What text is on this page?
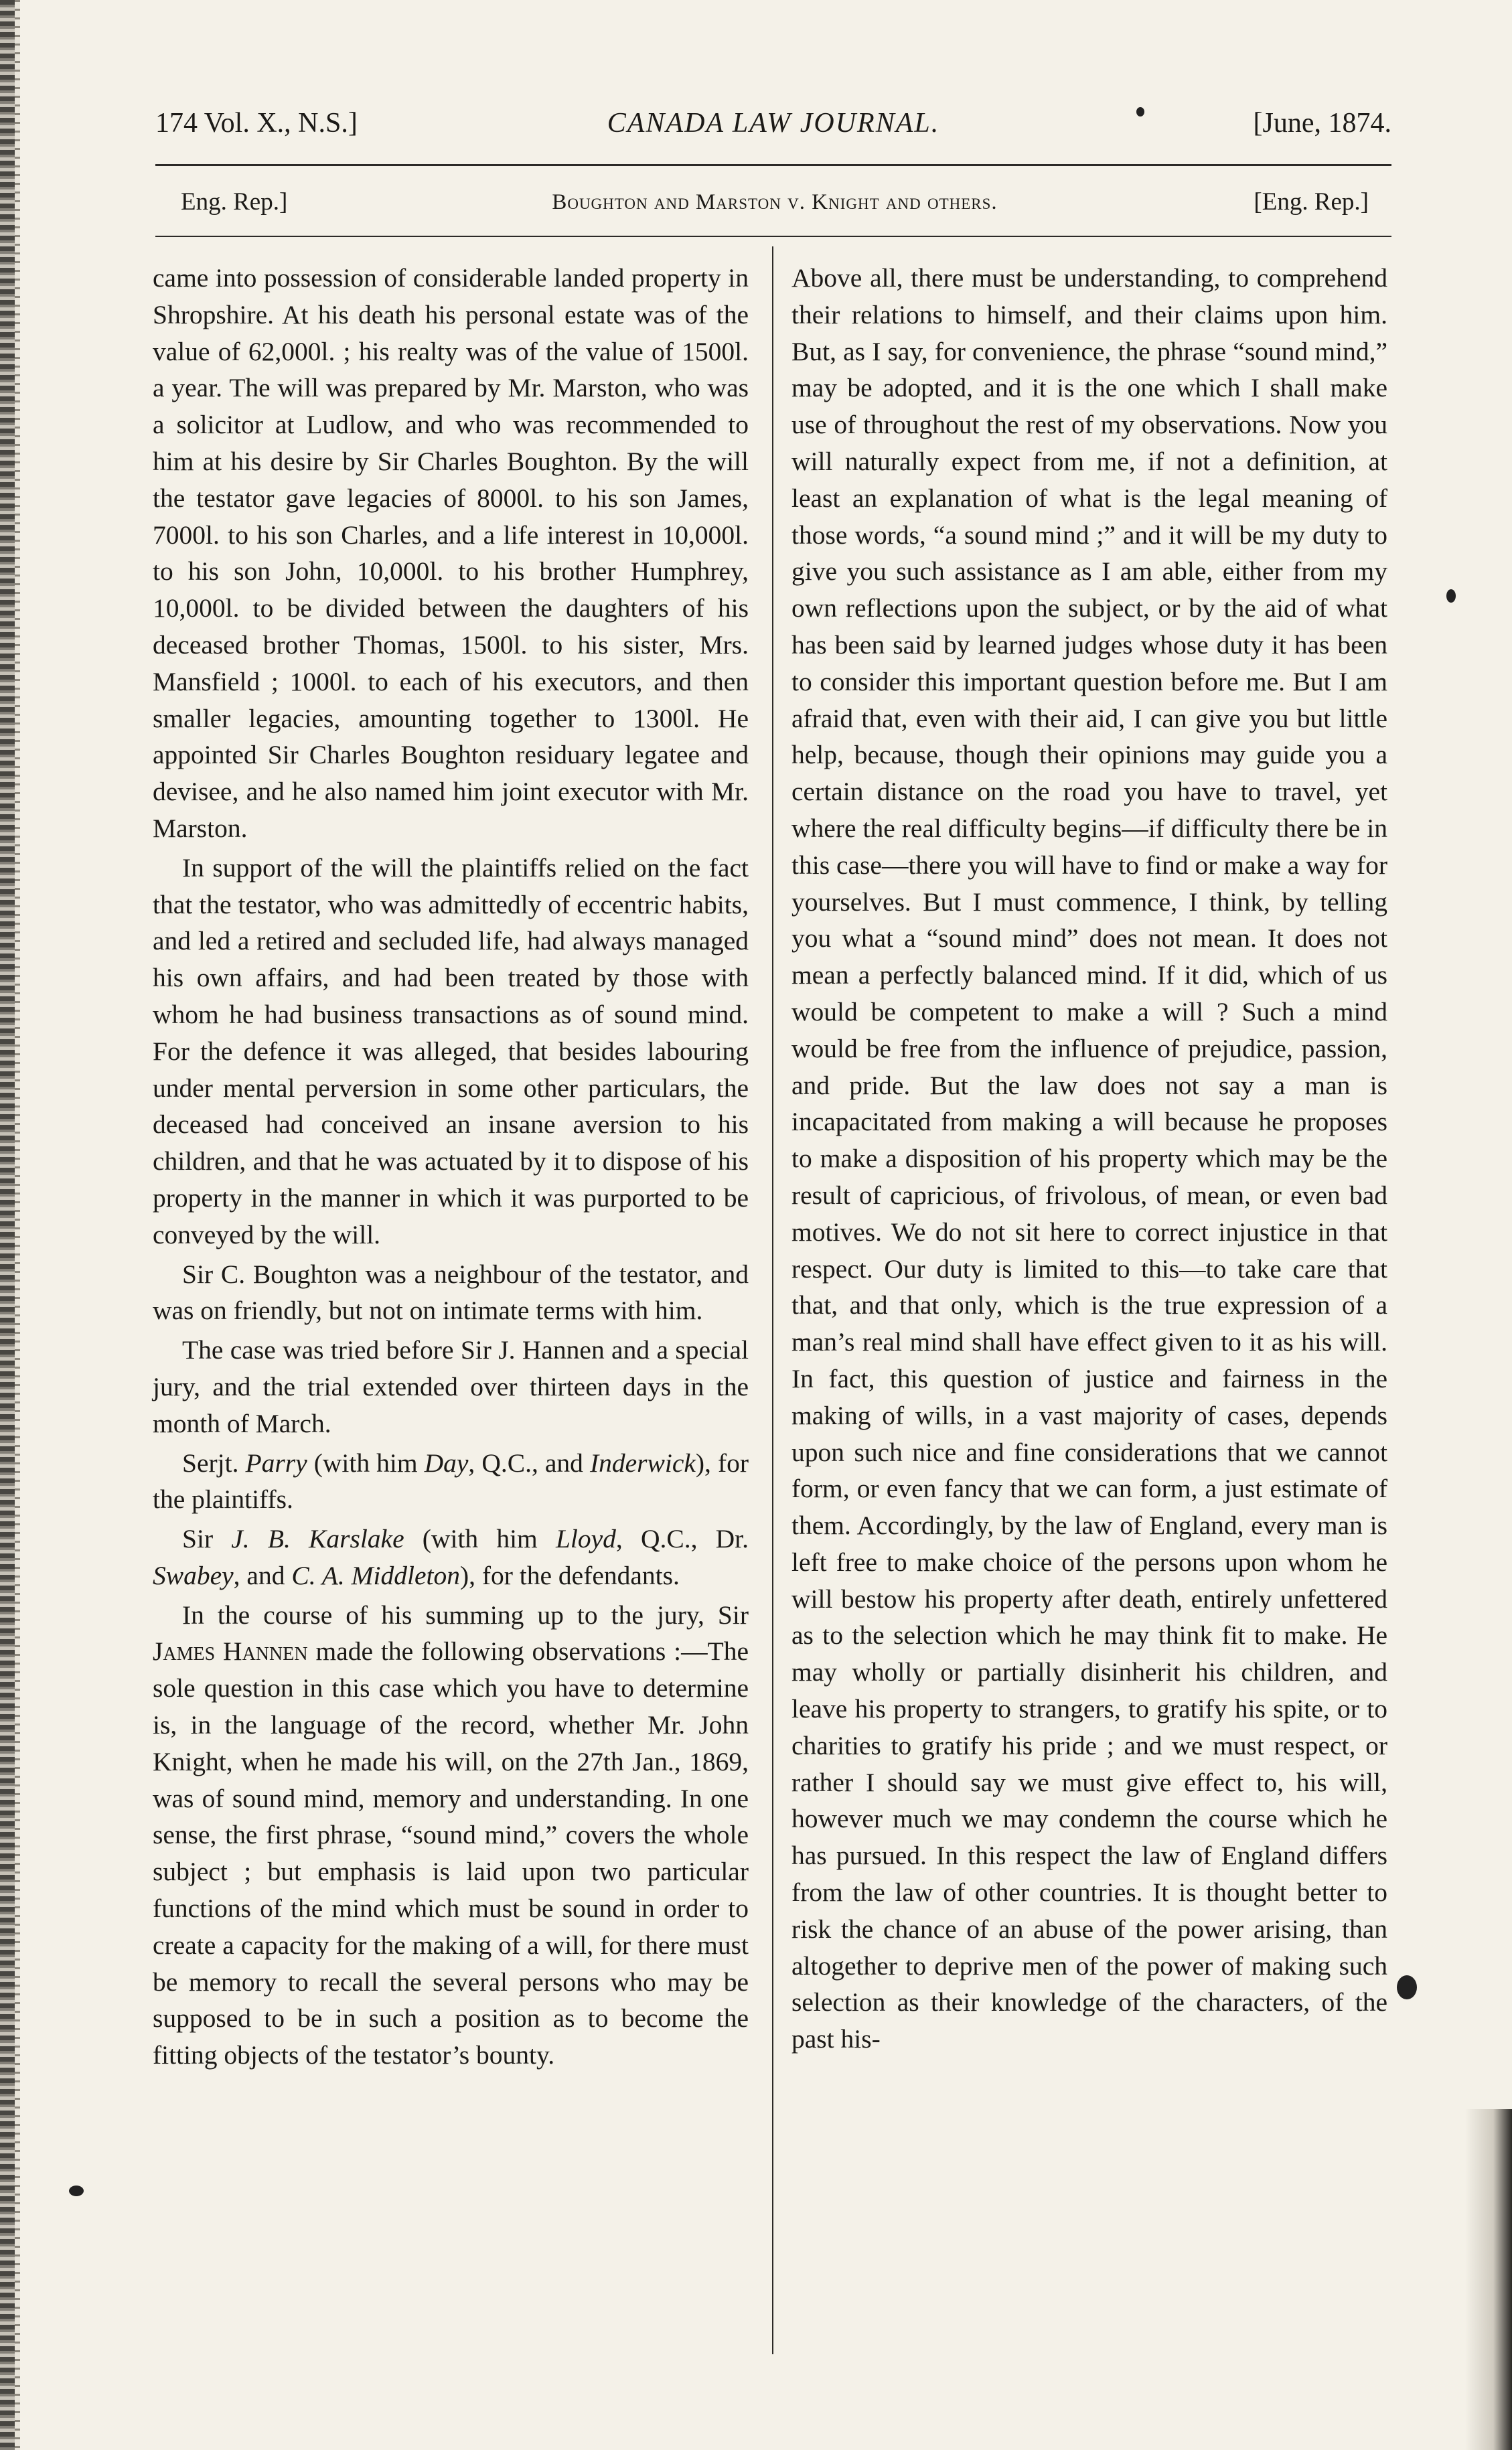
174 Vol. X., N.S.]	CANADA LAW JOURNAL.	[June, 1874.
Eng. Rep.]	Boughton and Marston v. Knight and others.	[Eng. Rep.]

came into possession of considerable landed property in Shropshire. At his death his personal estate was of the value of 62,000l. ; his realty was of the value of 1500l. a year. The will was prepared by Mr. Marston, who was a solicitor at Ludlow, and who was recommended to him at his desire by Sir Charles Boughton. By the will the testator gave legacies of 8000l. to his son James, 7000l. to his son Charles, and a life interest in 10,000l. to his son John, 10,000l. to his brother Humphrey, 10,000l. to be divided between the daughters of his deceased brother Thomas, 1500l. to his sister, Mrs. Mansfield ; 1000l. to each of his executors, and then smaller legacies, amounting together to 1300l. He appointed Sir Charles Boughton residuary legatee and devisee, and he also named him joint executor with Mr. Marston.

In support of the will the plaintiffs relied on the fact that the testator, who was admittedly of eccentric habits, and led a retired and secluded life, had always managed his own affairs, and had been treated by those with whom he had business transactions as of sound mind. For the defence it was alleged, that besides labouring under mental perversion in some other particulars, the deceased had conceived an insane aversion to his children, and that he was actuated by it to dispose of his property in the manner in which it was purported to be conveyed by the will.

Sir C. Boughton was a neighbour of the testator, and was on friendly, but not on intimate terms with him.

The case was tried before Sir J. Hannen and a special jury, and the trial extended over thirteen days in the month of March.

Serjt. Parry (with him Day, Q.C., and Inderwick), for the plaintiffs.

Sir J. B. Karslake (with him Lloyd, Q.C., Dr. Swabey, and C. A. Middleton), for the defendants.

In the course of his summing up to the jury, Sir James Hannen made the following observations :—The sole question in this case which you have to determine is, in the language of the record, whether Mr. John Knight, when he made his will, on the 27th Jan., 1869, was of sound mind, memory and understanding. In one sense, the first phrase, “sound mind,” covers the whole subject ; but emphasis is laid upon two particular functions of the mind which must be sound in order to create a capacity for the making of a will, for there must be memory to recall the several persons who may be supposed to be in such a position as to become the fitting objects of the testator’s bounty.

Above all, there must be understanding, to comprehend their relations to himself, and their claims upon him. But, as I say, for convenience, the phrase “sound mind,” may be adopted, and it is the one which I shall make use of throughout the rest of my observations. Now you will naturally expect from me, if not a definition, at least an explanation of what is the legal meaning of those words, “a sound mind ;” and it will be my duty to give you such assistance as I am able, either from my own reflections upon the subject, or by the aid of what has been said by learned judges whose duty it has been to consider this important question before me. But I am afraid that, even with their aid, I can give you but little help, because, though their opinions may guide you a certain distance on the road you have to travel, yet where the real difficulty begins—if difficulty there be in this case—there you will have to find or make a way for yourselves. But I must commence, I think, by telling you what a “sound mind” does not mean. It does not mean a perfectly balanced mind. If it did, which of us would be competent to make a will ? Such a mind would be free from the influence of prejudice, passion, and pride. But the law does not say a man is incapacitated from making a will because he proposes to make a disposition of his property which may be the result of capricious, of frivolous, of mean, or even bad motives. We do not sit here to correct injustice in that respect. Our duty is limited to this—to take care that that, and that only, which is the true expression of a man’s real mind shall have effect given to it as his will. In fact, this question of justice and fairness in the making of wills, in a vast majority of cases, depends upon such nice and fine considerations that we cannot form, or even fancy that we can form, a just estimate of them. Accordingly, by the law of England, every man is left free to make choice of the persons upon whom he will bestow his property after death, entirely unfettered as to the selection which he may think fit to make. He may wholly or partially disinherit his children, and leave his property to strangers, to gratify his spite, or to charities to gratify his pride ; and we must respect, or rather I should say we must give effect to, his will, however much we may condemn the course which he has pursued. In this respect the law of England differs from the law of other countries. It is thought better to risk the chance of an abuse of the power arising, than altogether to deprive men of the power of making such selection as their knowledge of the characters, of the past his-
